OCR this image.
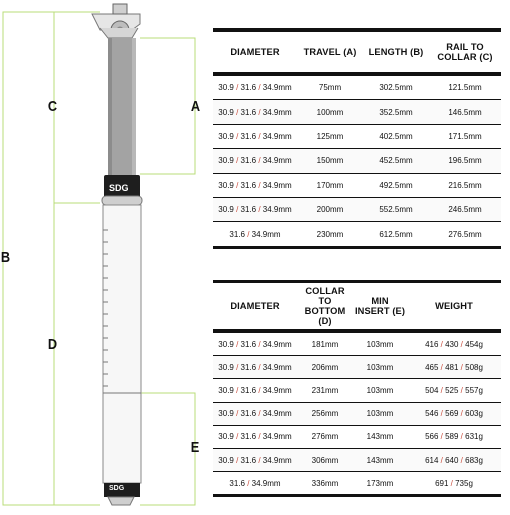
SDG
SDG
C	A
B
D
E
DIAMETER	TRAVEL (A)	LENGTH (B)	RAIL TO COLLAR (C)
30.9 / 31.6 / 34.9mm	75mm	302.5mm	121.5mm
30.9 / 31.6 / 34.9mm	100mm	352.5mm	146.5mm
30.9 / 31.6 / 34.9mm	125mm	402.5mm	171.5mm
30.9 / 31.6 / 34.9mm	150mm	452.5mm	196.5mm
30.9 / 31.6 / 34.9mm	170mm	492.5mm	216.5mm
30.9 / 31.6 / 34.9mm	200mm	552.5mm	246.5mm
31.6 / 34.9mm	230mm	612.5mm	276.5mm
DIAMETER	COLLAR TO BOTTOM (D)	MIN INSERT (E)	WEIGHT
30.9 / 31.6 / 34.9mm	181mm	103mm	416 / 430 / 454g
30.9 / 31.6 / 34.9mm	206mm	103mm	465 / 481 / 508g
30.9 / 31.6 / 34.9mm	231mm	103mm	504 / 525 / 557g
30.9 / 31.6 / 34.9mm	256mm	103mm	546 / 569 / 603g
30.9 / 31.6 / 34.9mm	276mm	143mm	566 / 589 / 631g
30.9 / 31.6 / 34.9mm	306mm	143mm	614 / 640 / 683g
31.6 / 34.9mm	336mm	173mm	691 / 735g
